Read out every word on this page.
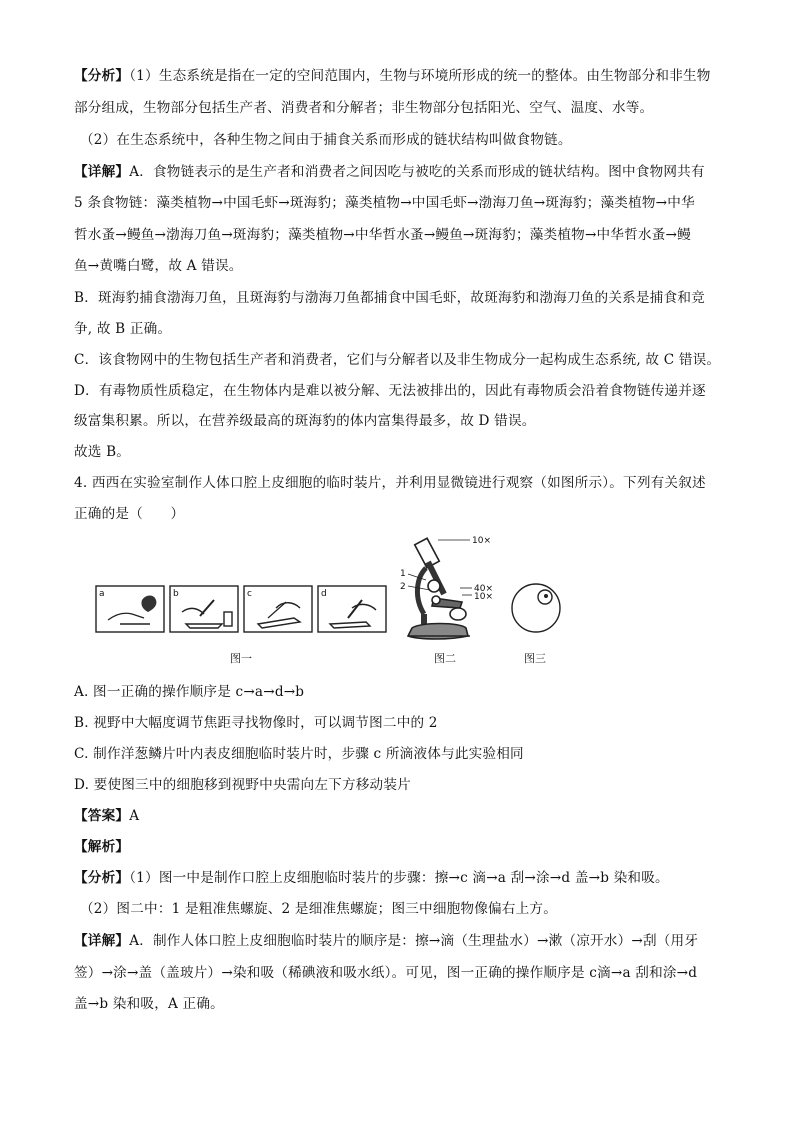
【分析】（1）生态系统是指在一定的空间范围内，生物与环境所形成的统一的整体。由生物部分和非生物
部分组成，生物部分包括生产者、消费者和分解者；非生物部分包括阳光、空气、温度、水等。
（2）在生态系统中，各种生物之间由于捕食关系而形成的链状结构叫做食物链。
【详解】A．食物链表示的是生产者和消费者之间因吃与被吃的关系而形成的链状结构。图中食物网共有
5 条食物链：藻类植物→中国毛虾→斑海豹；藻类植物→中国毛虾→渤海刀鱼→斑海豹；藻类植物→中华
哲水蚤→鳗鱼→渤海刀鱼→斑海豹；藻类植物→中华哲水蚤→鳗鱼→斑海豹；藻类植物→中华哲水蚤→鳗
鱼→黄嘴白鹭，故 A 错误。
B．斑海豹捕食渤海刀鱼，且斑海豹与渤海刀鱼都捕食中国毛虾，故斑海豹和渤海刀鱼的关系是捕食和竞
争, 故 B 正确。
C．该食物网中的生物包括生产者和消费者，它们与分解者以及非生物成分一起构成生态系统, 故 C 错误。
D．有毒物质性质稳定，在生物体内是难以被分解、无法被排出的，因此有毒物质会沿着食物链传递并逐
级富集积累。所以，在营养级最高的斑海豹的体内富集得最多，故 D 错误。
故选 B。
4. 西西在实验室制作人体口腔上皮细胞的临时装片，并利用显微镜进行观察（如图所示）。下列有关叙述
正确的是（　　）
a	b	c	d
图一
10×
40×
10×
1
2
图二	图三
A. 图一正确的操作顺序是 c→a→d→b
B. 视野中大幅度调节焦距寻找物像时，可以调节图二中的 2
C. 制作洋葱鳞片叶内表皮细胞临时装片时，步骤 c 所滴液体与此实验相同
D. 要使图三中的细胞移到视野中央需向左下方移动装片
【答案】A
【解析】
【分析】（1）图一中是制作口腔上皮细胞临时装片的步骤：擦→c 滴→a 刮→涂→d 盖→b 染和吸。
（2）图二中：1 是粗准焦螺旋、2 是细准焦螺旋；图三中细胞物像偏右上方。
【详解】A．制作人体口腔上皮细胞临时装片的顺序是：擦→滴（生理盐水）→漱（凉开水）→刮（用牙
签）→涂→盖（盖玻片）→染和吸（稀碘液和吸水纸）。可见，图一正确的操作顺序是 c滴→a 刮和涂→d
盖→b 染和吸，A 正确。
